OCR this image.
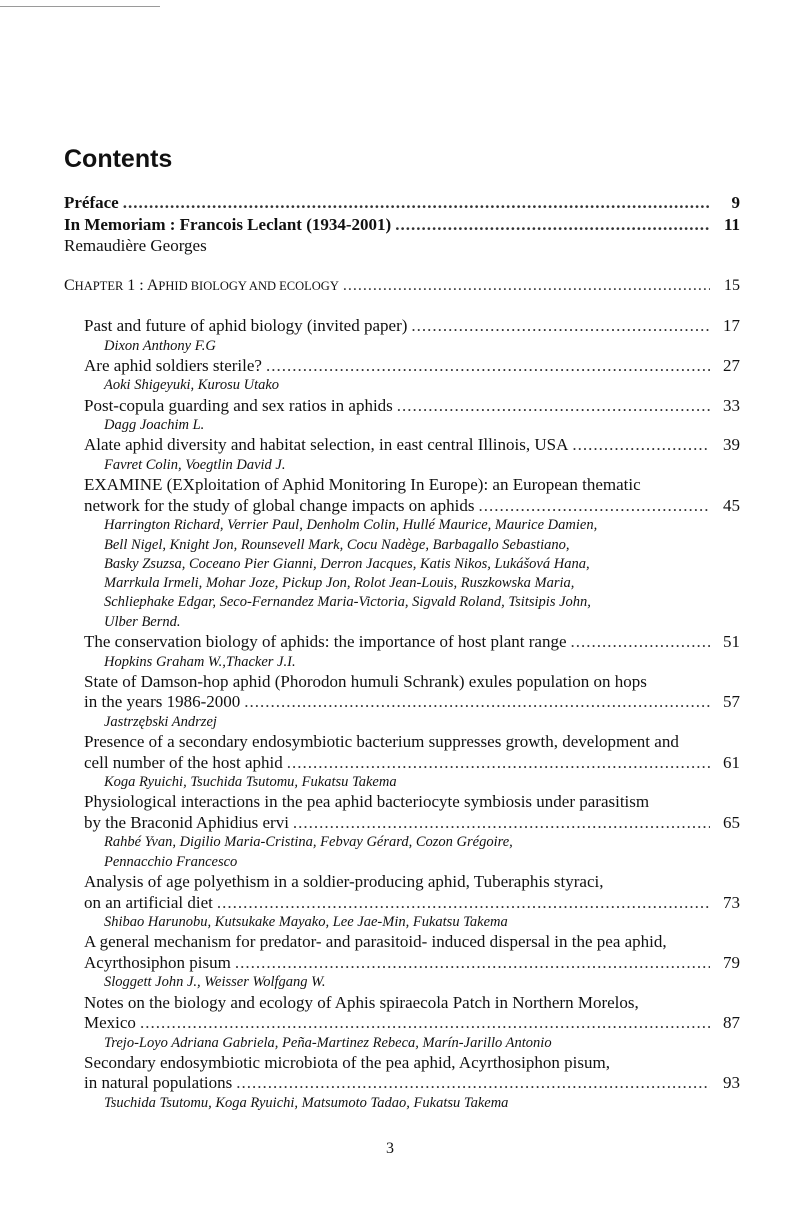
Contents
Préface .....	9
In Memoriam : Francois Leclant (1934-2001) .....	11
Remaudière Georges
CHAPTER 1 : APHID BIOLOGY AND ECOLOGY .....	15
Past and future of aphid biology (invited paper) .....	17
Dixon Anthony F.G
Are aphid soldiers sterile? .....	27
Aoki Shigeyuki, Kurosu Utako
Post-copula guarding and sex ratios in aphids .....	33
Dagg Joachim L.
Alate aphid diversity and habitat selection, in east central Illinois, USA .....	39
Favret Colin, Voegtlin David J.
EXAMINE (EXploitation of Aphid Monitoring In Europe): an European thematic
network for the study of global change impacts on aphids .....	45
Harrington Richard, Verrier Paul, Denholm Colin, Hullé Maurice, Maurice Damien,
Bell Nigel, Knight Jon, Rounsevell Mark, Cocu Nadège, Barbagallo Sebastiano,
Basky Zsuzsa, Coceano Pier Gianni, Derron Jacques, Katis Nikos, Lukášová Hana,
Marrkula Irmeli, Mohar Joze, Pickup Jon, Rolot Jean-Louis, Ruszkowska Maria,
Schliephake Edgar, Seco-Fernandez Maria-Victoria, Sigvald Roland, Tsitsipis John,
Ulber Bernd.
The conservation biology of aphids: the importance of host plant range .....	51
Hopkins Graham W.,Thacker J.I.
State of Damson-hop aphid (Phorodon humuli Schrank) exules population on hops
in the years 1986-2000 .....	57
Jastrzębski Andrzej
Presence of a secondary endosymbiotic bacterium suppresses growth, development and
cell number of the host aphid .....	61
Koga Ryuichi, Tsuchida Tsutomu, Fukatsu Takema
Physiological interactions in the pea aphid bacteriocyte symbiosis under parasitism
by the Braconid Aphidius ervi .....	65
Rahbé Yvan, Digilio Maria-Cristina, Febvay Gérard, Cozon Grégoire,
Pennacchio Francesco
Analysis of age polyethism in a soldier-producing aphid, Tuberaphis styraci,
on an artificial diet .....	73
Shibao Harunobu, Kutsukake Mayako, Lee Jae-Min, Fukatsu Takema
A general mechanism for predator- and parasitoid- induced dispersal in the pea aphid,
Acyrthosiphon pisum .....	79
Sloggett John J., Weisser Wolfgang W.
Notes on the biology and ecology of Aphis spiraecola Patch in Northern Morelos,
Mexico .....	87
Trejo-Loyo Adriana Gabriela, Peña-Martinez Rebeca, Marín-Jarillo Antonio
Secondary endosymbiotic microbiota of the pea aphid, Acyrthosiphon pisum,
in natural populations .....	93
Tsuchida Tsutomu, Koga Ryuichi, Matsumoto Tadao, Fukatsu Takema
3
